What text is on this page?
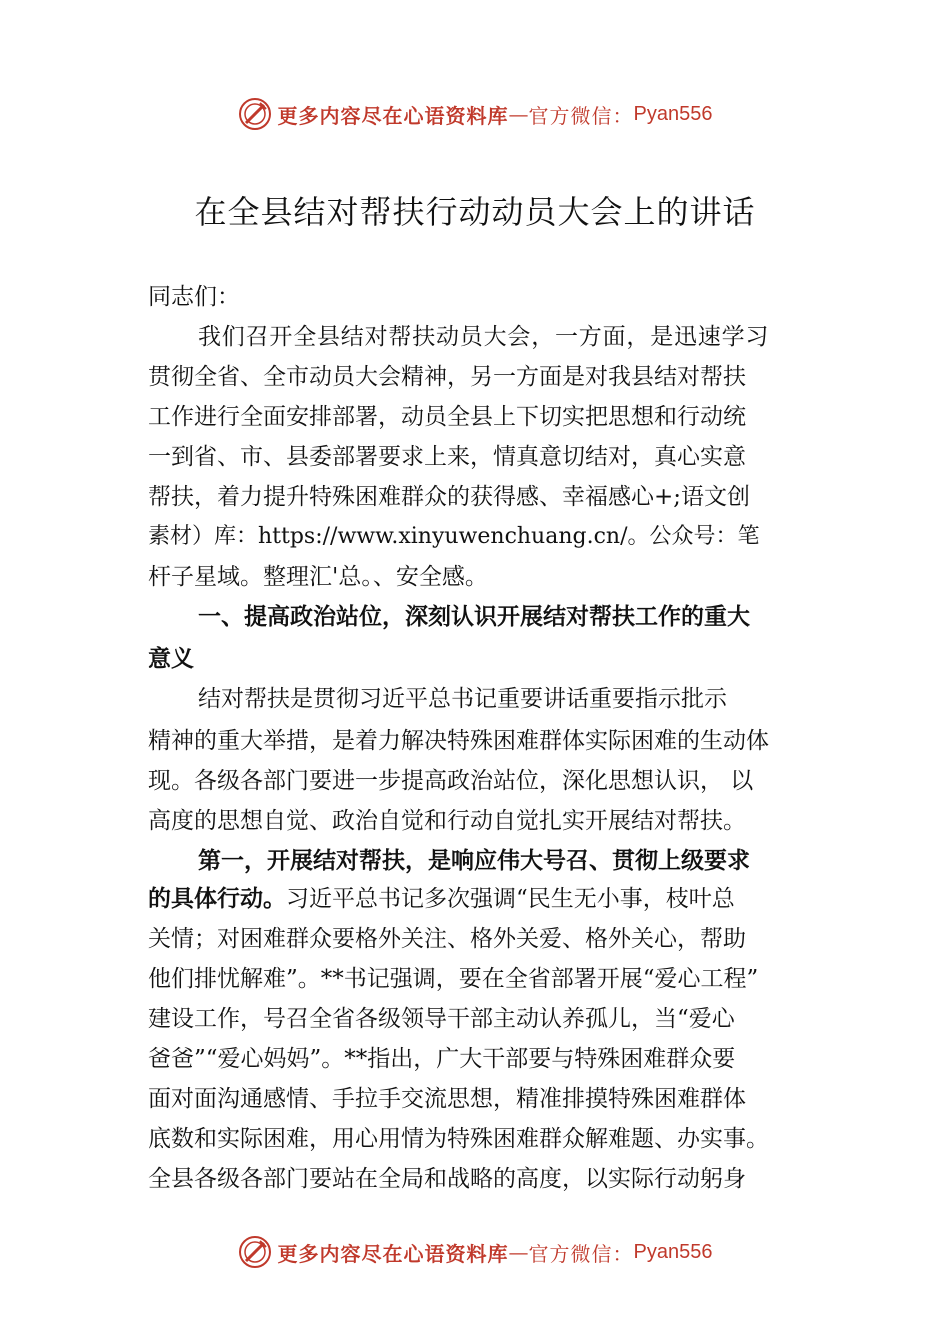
更多内容尽在心语资料库 — 官方微信： Pyan556
在全县结对帮扶行动动员大会上的讲话
同志们：
我们召开全县结对帮扶动员大会，一方面，是迅速学习
贯彻全省、全市动员大会精神，另一方面是对我县结对帮扶
工作进行全面安排部署，动员全县上下切实把思想和行动统
一到省、市、县委部署要求上来，情真意切结对，真心实意
帮扶，着力提升特殊困难群众的获得感、幸福感心+;语文创
素材）库：https://www.xinyuwenchuang.cn/。公众号：笔
杆子星域。整理汇'总。、安全感。
一、提高政治站位，深刻认识开展结对帮扶工作的重大
意义
结对帮扶是贯彻习近平总书记重要讲话重要指示批示
精神的重大举措，是着力解决特殊困难群体实际困难的生动体
现。各级各部门要进一步提高政治站位，深化思想认识， 以
高度的思想自觉、政治自觉和行动自觉扎实开展结对帮扶。
第一，开展结对帮扶，是响应伟大号召、贯彻上级要求
的具体行动。习近平总书记多次强调“民生无小事，枝叶总
关情；对困难群众要格外关注、格外关爱、格外关心，帮助
他们排忧解难”。**书记强调，要在全省部署开展“爱心工程”
建设工作，号召全省各级领导干部主动认养孤儿，当“爱心
爸爸”“爱心妈妈”。**指出，广大干部要与特殊困难群众要
面对面沟通感情、手拉手交流思想，精准排摸特殊困难群体
底数和实际困难，用心用情为特殊困难群众解难题、办实事。
全县各级各部门要站在全局和战略的高度，以实际行动躬身
更多内容尽在心语资料库 — 官方微信： Pyan556
